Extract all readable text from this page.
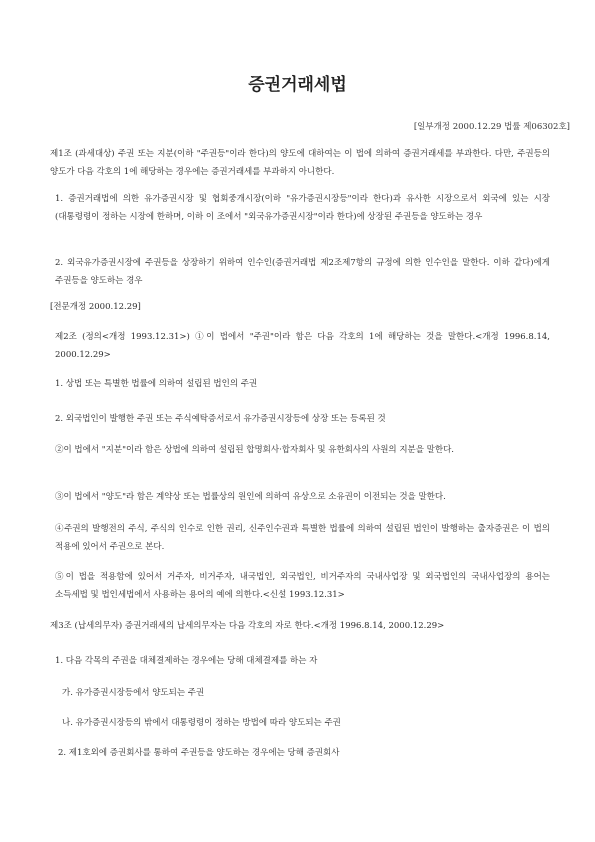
증권거래세법
[일부개정 2000.12.29 법률 제06302호]
제1조 (과세대상) 주권 또는 지분(이하 "주권등"이라 한다)의 양도에 대하여는 이 법에 의하여 증권거래세를 부과한다. 다만, 주권등의 양도가 다음 각호의 1에 해당하는 경우에는 증권거래세를 부과하지 아니한다.
1. 증권거래법에 의한 유가증권시장 및 협회중개시장(이하 "유가증권시장등"이라 한다)과 유사한 시장으로서 외국에 있는 시장(대통령령이 정하는 시장에 한하며, 이하 이 조에서 "외국유가증권시장"이라 한다)에 상장된 주권등을 양도하는 경우
2. 외국유가증권시장에 주권등을 상장하기 위하여 인수인(증권거래법 제2조제7항의 규정에 의한 인수인을 말한다. 이하 같다)에게 주권등을 양도하는 경우
[전문개정 2000.12.29]
제2조 (정의<개정 1993.12.31>) ①이 법에서 "주권"이라 함은 다음 각호의 1에 해당하는 것을 말한다.<개정 1996.8.14, 2000.12.29>
1. 상법 또는 특별한 법률에 의하여 설립된 법인의 주권
2. 외국법인이 발행한 주권 또는 주식예탁증서로서 유가증권시장등에 상장 또는 등록된 것
②이 법에서 "지분"이라 함은 상법에 의하여 설립된 합명회사·합자회사 및 유한회사의 사원의 지분을 말한다.
③이 법에서 "양도"라 함은 계약상 또는 법률상의 원인에 의하여 유상으로 소유권이 이전되는 것을 말한다.
④주권의 발행전의 주식, 주식의 인수로 인한 권리, 신주인수권과 특별한 법률에 의하여 설립된 법인이 발행하는 출자증권은 이 법의 적용에 있어서 주권으로 본다.
⑤이 법을 적용함에 있어서 거주자, 비거주자, 내국법인, 외국법인, 비거주자의 국내사업장 및 외국법인의 국내사업장의 용어는 소득세법 및 법인세법에서 사용하는 용어의 예에 의한다.<신설 1993.12.31>
제3조 (납세의무자) 증권거래세의 납세의무자는 다음 각호의 자로 한다.<개정 1996.8.14, 2000.12.29>
1. 다음 각목의 주권을 대체결제하는 경우에는 당해 대체결제를 하는 자
가. 유가증권시장등에서 양도되는 주권
나. 유가증권시장등의 밖에서 대통령령이 정하는 방법에 따라 양도되는 주권
2. 제1호외에 증권회사를 통하여 주권등을 양도하는 경우에는 당해 증권회사
